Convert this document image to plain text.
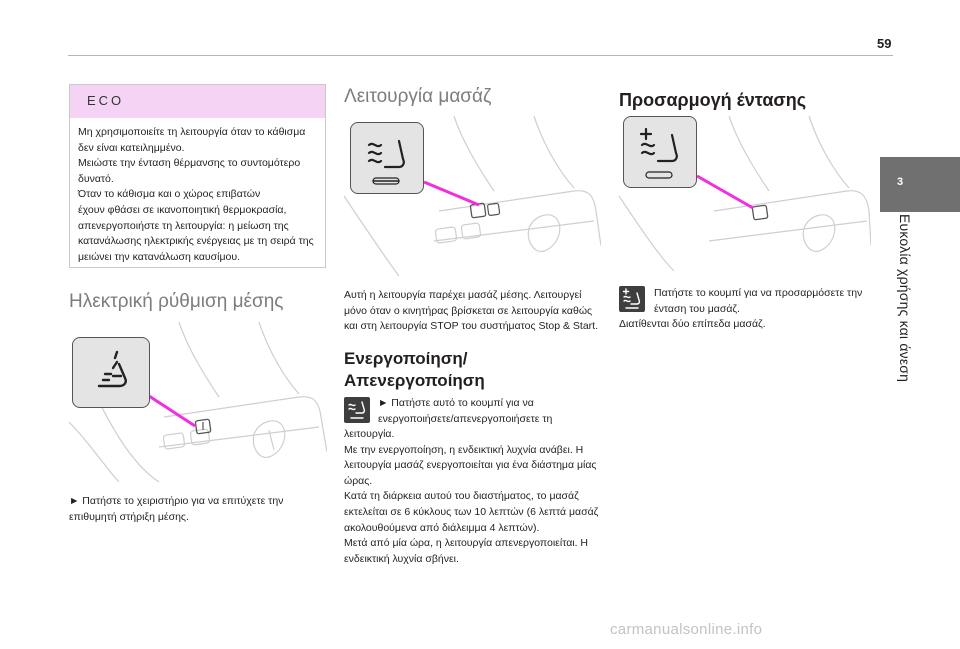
59
3
Ευκολία χρήσης και άνεση
ECO

Μη χρησιμοποιείτε τη λειτουργία όταν το κάθισμα

δεν είναι κατειλημμένο.

Μειώστε την ένταση θέρμανσης το συντομότερο

δυνατό.

Όταν το κάθισμα και ο χώρος επιβατών

έχουν φθάσει σε ικανοποιητική θερμοκρασία,

απενεργοποιήστε τη λειτουργία: η μείωση της

κατανάλωσης ηλεκτρικής ενέργειας με τη σειρά της

μειώνει την κατανάλωση καυσίμου.

Ηλεκτρική ρύθμιση μέσης

► Πατήστε το χειριστήριο για να επιτύχετε την

επιθυμητή στήριξη μέσης.

Λειτουργία μασάζ

Αυτή η λειτουργία παρέχει μασάζ μέσης. Λειτουργεί

μόνο όταν ο κινητήρας βρίσκεται σε λειτουργία καθώς

και στη λειτουργία STOP του συστήματος Stop & Start.

Ενεργοποίηση/
Απενεργοποίηση

► Πατήστε αυτό το κουμπί για να

ενεργοποιήσετε/απενεργοποιήσετε τη

λειτουργία.

Με την ενεργοποίηση, η ενδεικτική λυχνία ανάβει. Η

λειτουργία μασάζ ενεργοποιείται για ένα διάστημα μίας

ώρας.

Κατά τη διάρκεια αυτού του διαστήματος, το μασάζ

εκτελείται σε 6 κύκλους των 10 λεπτών (6 λεπτά μασάζ

ακολουθούμενα από διάλειμμα 4 λεπτών).

Μετά από μία ώρα, η λειτουργία απενεργοποιείται. Η

ενδεικτική λυχνία σβήνει.

Προσαρμογή έντασης

Πατήστε το κουμπί για να προσαρμόσετε την

ένταση του μασάζ.

Διατίθενται δύο επίπεδα μασάζ.

carmanualsonline.info
